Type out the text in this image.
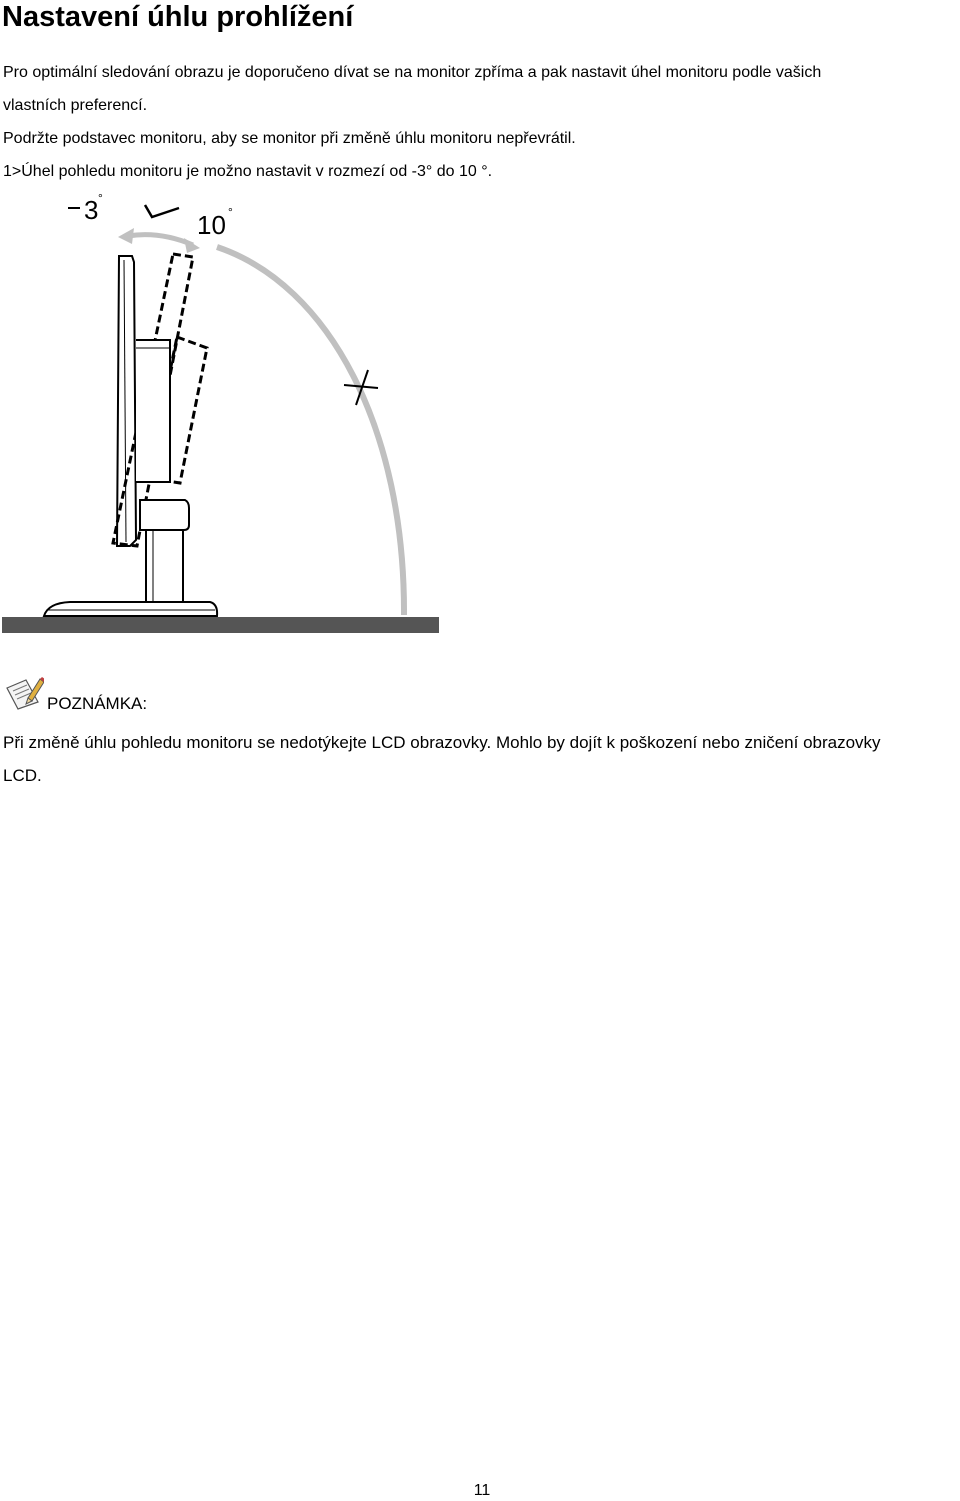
Nastavení úhlu prohlížení

Pro optimální sledování obrazu je doporučeno dívat se na monitor zpříma a pak nastavit úhel monitoru podle vašich

vlastních preferencí.

Podržte podstavec monitoru, aby se monitor při změně úhlu monitoru nepřevrátil.

1>Úhel pohledu monitoru je možno nastavit v rozmezí od -3° do 10 °.

3 °
10 °

POZNÁMKA:

Při změně úhlu pohledu monitoru se nedotýkejte LCD obrazovky. Mohlo by dojít k poškození nebo zničení obrazovky LCD.

11
